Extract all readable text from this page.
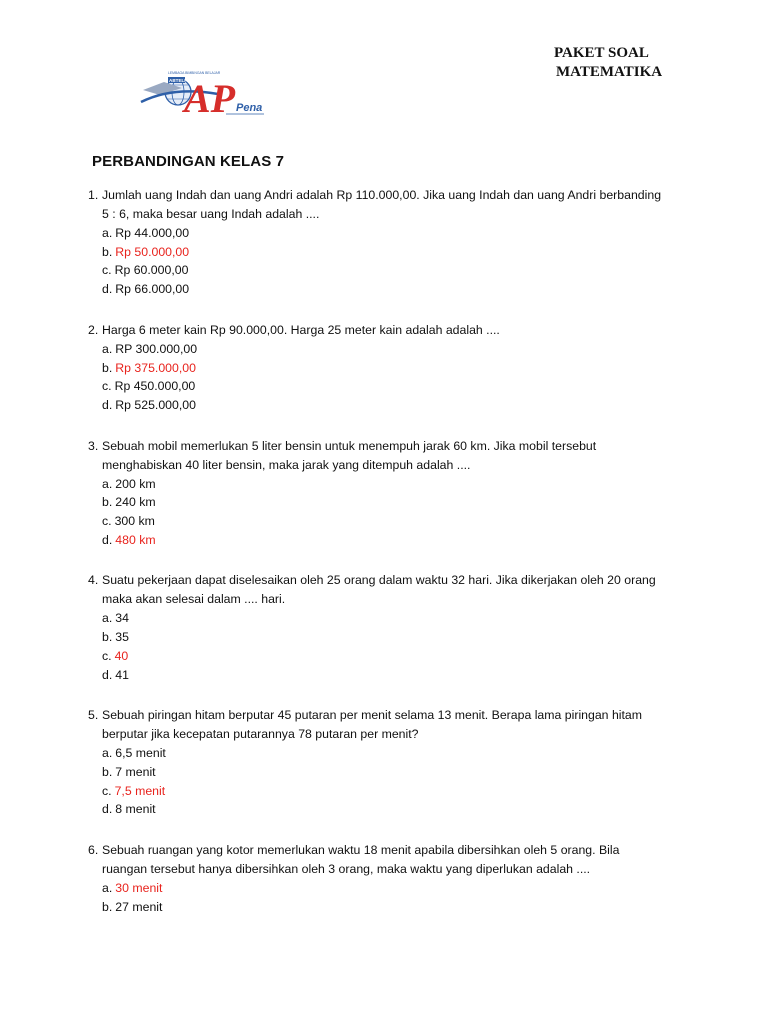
PAKET SOAL
MATEMATIKA
LEMBAGA BIMBINGAN BELAJAR
ABTELI
AP Pena
PERBANDINGAN KELAS 7
1. Jumlah uang Indah dan uang Andri adalah Rp 110.000,00. Jika uang Indah dan uang Andri berbanding
5 : 6, maka besar uang Indah adalah ....
a. Rp 44.000,00
b. Rp 50.000,00
c. Rp 60.000,00
d. Rp 66.000,00
2. Harga 6 meter kain Rp 90.000,00. Harga 25 meter kain adalah adalah ....
a. RP 300.000,00
b. Rp 375.000,00
c. Rp 450.000,00
d. Rp 525.000,00
3. Sebuah mobil memerlukan 5 liter bensin untuk menempuh jarak 60 km. Jika mobil tersebut
menghabiskan 40 liter bensin, maka jarak yang ditempuh adalah ....
a. 200 km
b. 240 km
c. 300 km
d. 480 km
4. Suatu pekerjaan dapat diselesaikan oleh 25 orang dalam waktu 32 hari. Jika dikerjakan oleh 20 orang
maka akan selesai dalam .... hari.
a. 34
b. 35
c. 40
d. 41
5. Sebuah piringan hitam berputar 45 putaran per menit selama 13 menit. Berapa lama piringan hitam
berputar jika kecepatan putarannya 78 putaran per menit?
a. 6,5 menit
b. 7 menit
c. 7,5 menit
d. 8 menit
6. Sebuah ruangan yang kotor memerlukan waktu 18 menit apabila dibersihkan oleh 5 orang. Bila
ruangan tersebut hanya dibersihkan oleh 3 orang, maka waktu yang diperlukan adalah ....
a. 30 menit
b. 27 menit
